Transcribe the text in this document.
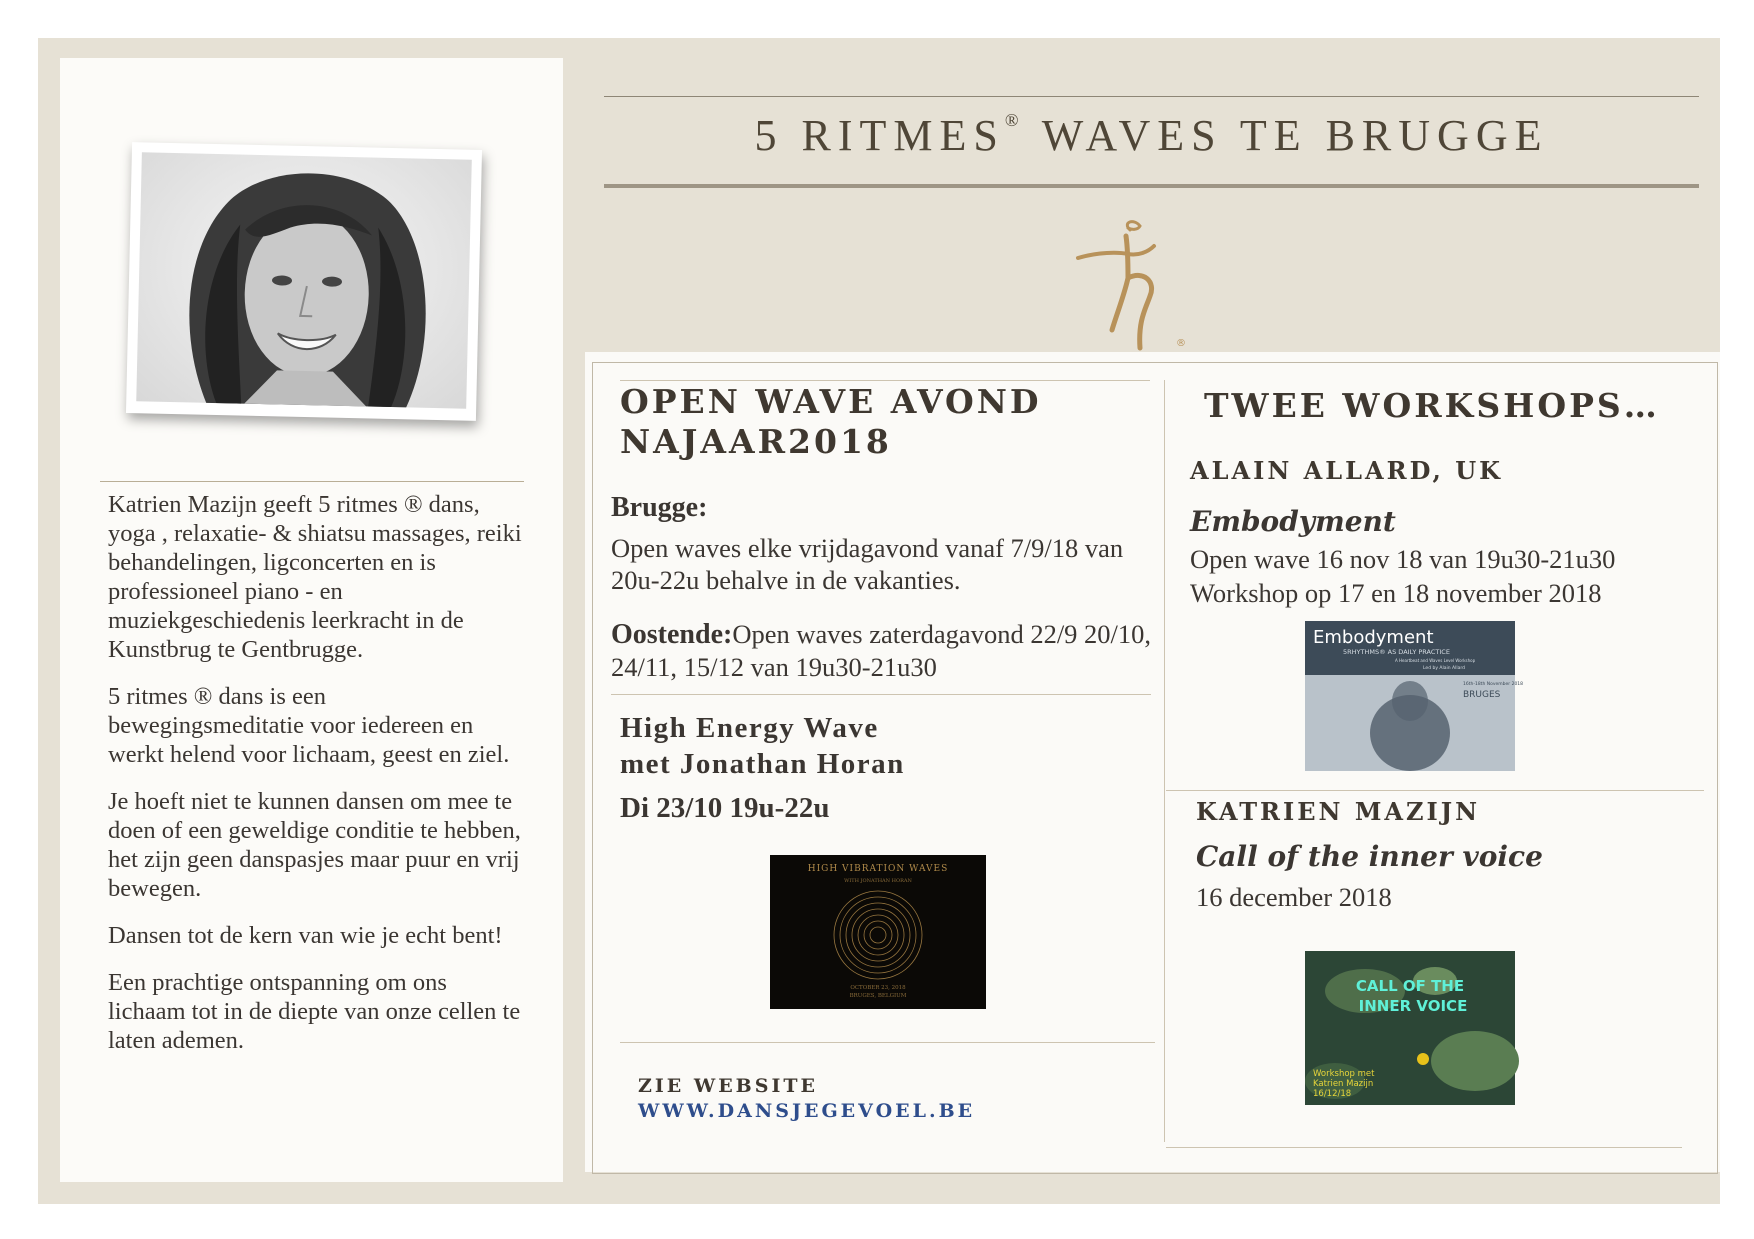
Katrien Mazijn geeft 5 ritmes ® dans, yoga , relaxatie- & shiatsu massages, reiki behandelingen, ligconcerten en is professioneel piano - en muziekgeschiedenis leerkracht in de Kunstbrug te Gentbrugge.

5 ritmes ® dans is een bewegingsmeditatie voor iedereen en werkt helend voor lichaam, geest en ziel.

Je hoeft niet te kunnen dansen om mee te doen of een geweldige conditie te hebben, het zijn geen danspasjes maar puur en vrij bewegen.

Dansen tot de kern van wie je echt bent!

Een prachtige ontspanning om ons lichaam tot in de diepte van onze cellen te laten ademen.

5 RITMES® WAVES TE BRUGGE
®
OPEN WAVE AVOND
NAJAAR2018
Brugge:
Open waves elke vrijdagavond vanaf 7/9/18 van 20u-22u behalve in de vakanties.
Oostende:Open waves zaterdagavond 22/9 20/10, 24/11, 15/12 van 19u30-21u30
High Energy Wave
met Jonathan Horan
Di 23/10 19u-22u
HIGH VIBRATION WAVES
WITH JONATHAN HORAN
OCTOBER 23, 2018
BRUGES, BELGIUM
ZIE WEBSITE
WWW.DANSJEGEVOEL.BE
TWEE WORKSHOPS…
ALAIN ALLARD, UK
Embodyment
Open wave 16 nov 18 van 19u30-21u30
Workshop op 17 en 18 november 2018
Embodyment
5RHYTHMS® AS DAILY PRACTICE
A Heartbeat and Waves Level Workshop
Led by Alain Allard
16th-18th November 2018
BRUGES
KATRIEN MAZIJN
Call of the inner voice
16 december 2018
CALL OF THE
INNER VOICE
Workshop met
Katrien Mazijn
16/12/18
